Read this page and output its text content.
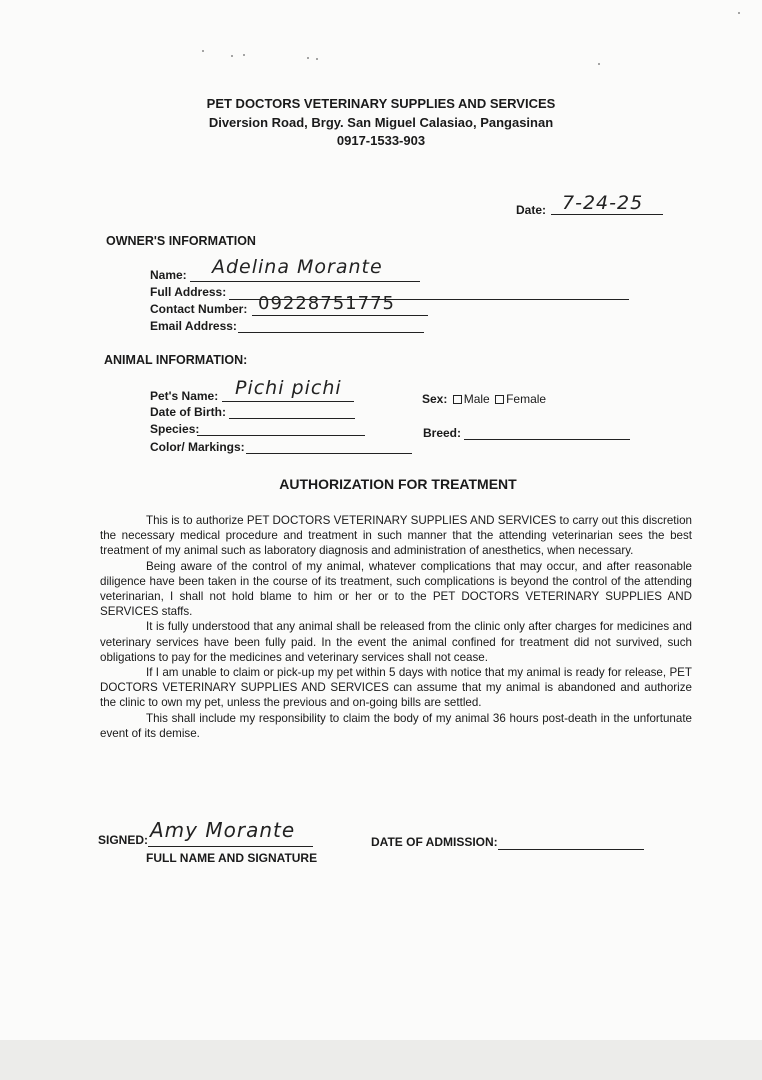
PET DOCTORS VETERINARY SUPPLIES AND SERVICES
Diversion Road, Brgy. San Miguel Calasiao, Pangasinan
0917-1533-903
Date: 7-24-25
OWNER'S INFORMATION
Name: Adelina Morante
Full Address:
Contact Number: 09228751775
Email Address:
ANIMAL INFORMATION:
Pet's Name: Pichi pichi
Date of Birth:
Species:
Color/ Markings:
Sex: Male Female
Breed:
AUTHORIZATION FOR TREATMENT

This is to authorize PET DOCTORS VETERINARY SUPPLIES AND SERVICES to carry out this discretion the necessary medical procedure and treatment in such manner that the attending veterinarian sees the best treatment of my animal such as laboratory diagnosis and administration of anesthetics, when necessary.

Being aware of the control of my animal, whatever complications that may occur, and after reasonable diligence have been taken in the course of its treatment, such complications is beyond the control of the attending veterinarian, I shall not hold blame to him or her or to the PET DOCTORS VETERINARY SUPPLIES AND SERVICES staffs.

It is fully understood that any animal shall be released from the clinic only after charges for medicines and veterinary services have been fully paid. In the event the animal confined for treatment did not survived, such obligations to pay for the medicines and veterinary services shall not cease.

If I am unable to claim or pick-up my pet within 5 days with notice that my animal is ready for release, PET DOCTORS VETERINARY SUPPLIES AND SERVICES can assume that my animal is abandoned and authorize the clinic to own my pet, unless the previous and on-going bills are settled.

This shall include my responsibility to claim the body of my animal 36 hours post-death in the unfortunate event of its demise.

SIGNED: Amy Morante
FULL NAME AND SIGNATURE
DATE OF ADMISSION:
